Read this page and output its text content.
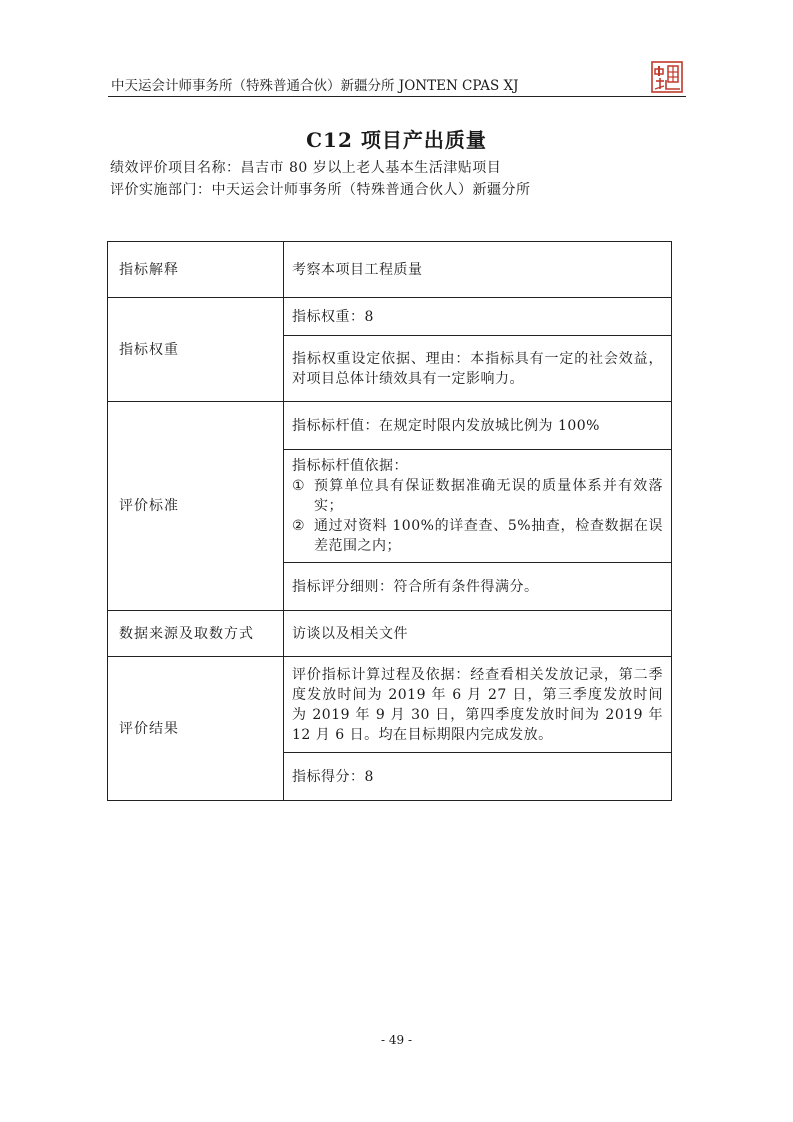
中天运会计师事务所（特殊普通合伙）新疆分所 JONTEN CPAS XJ
C12 项目产出质量
绩效评价项目名称：昌吉市 80 岁以上老人基本生活津贴项目
评价实施部门：中天运会计师事务所（特殊普通合伙人）新疆分所
指标解释	考察本项目工程质量
指标权重	指标权重：8
	指标权重设定依据、理由：本指标具有一定的社会效益，对项目总体计绩效具有一定影响力。
评价标准	指标标杆值：在规定时限内发放城比例为 100%

	指标标杆值依据：
① 预算单位具有保证数据准确无误的质量体系并有效落实；
② 通过对资料 100%的详查查、5%抽查，检查数据在误差范围之内；

	指标评分细则：符合所有条件得满分。
数据来源及取数方式	访谈以及相关文件
评价结果	评价指标计算过程及依据：经查看相关发放记录，第二季度发放时间为 2019 年 6 月 27 日，第三季度发放时间为 2019 年 9 月 30 日，第四季度发放时间为 2019 年 12 月 6 日。均在目标期限内完成发放。
	指标得分：8
- 49 -
